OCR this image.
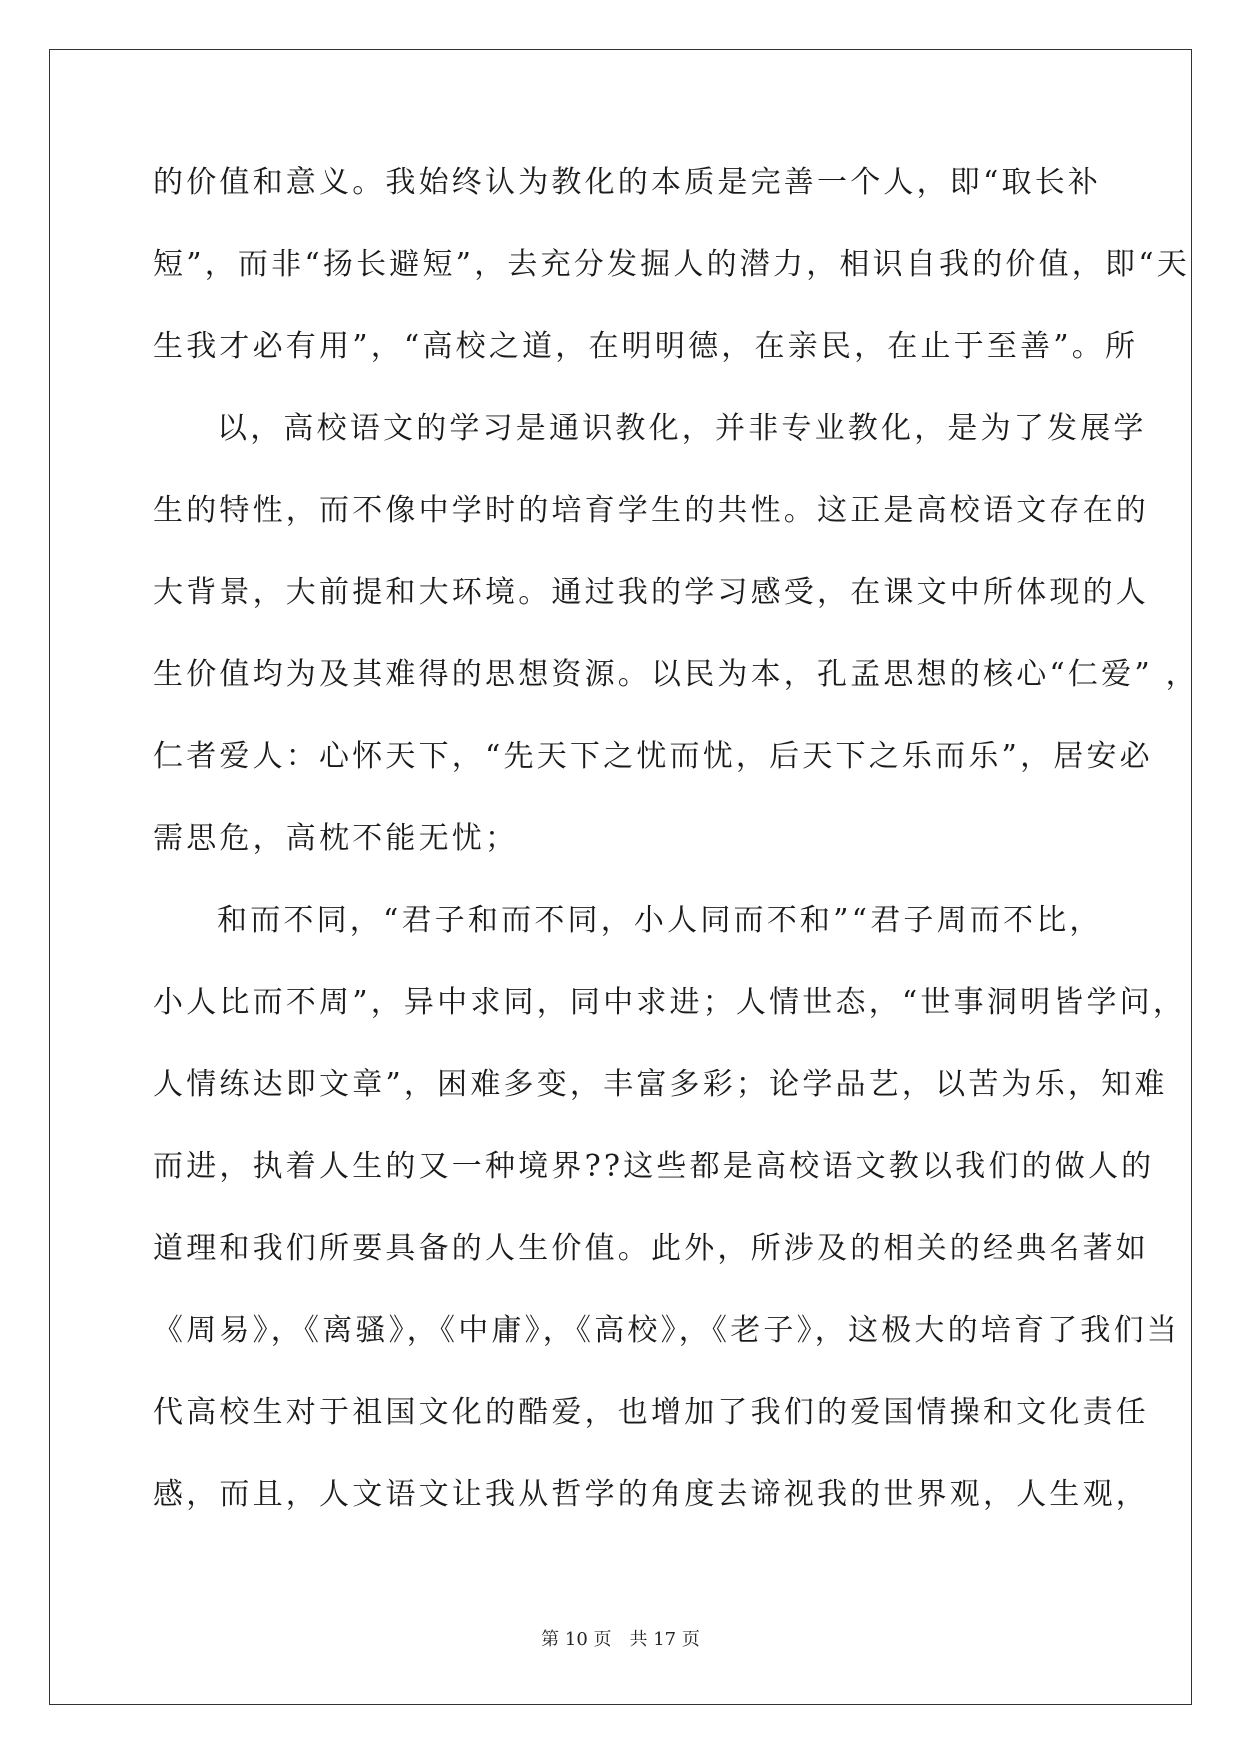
的价值和意义。我始终认为教化的本质是完善一个人，即“取长补
短”，而非“扬长避短”，去充分发掘人的潜力，相识自我的价值，即“天
生我才必有用”，“高校之道，在明明德，在亲民，在止于至善”。所
以，高校语文的学习是通识教化，并非专业教化，是为了发展学
生的特性，而不像中学时的培育学生的共性。这正是高校语文存在的
大背景，大前提和大环境。通过我的学习感受，在课文中所体现的人
生价值均为及其难得的思想资源。以民为本，孔孟思想的核心“仁爱” ，
仁者爱人：心怀天下，“先天下之忧而忧，后天下之乐而乐”，居安必
需思危，高枕不能无忧；
和而不同，“君子和而不同，小人同而不和”“君子周而不比，
小人比而不周”，异中求同，同中求进；人情世态，“世事洞明皆学问，
人情练达即文章”，困难多变，丰富多彩；论学品艺，以苦为乐，知难
而进，执着人生的又一种境界??这些都是高校语文教以我们的做人的
道理和我们所要具备的人生价值。此外，所涉及的相关的经典名著如
《周易》，《离骚》，《中庸》，《高校》，《老子》，这极大的培育了我们当
代高校生对于祖国文化的酷爱，也增加了我们的爱国情操和文化责任
感，而且，人文语文让我从哲学的角度去谛视我的世界观，人生观，
第 10 页　共 17 页
